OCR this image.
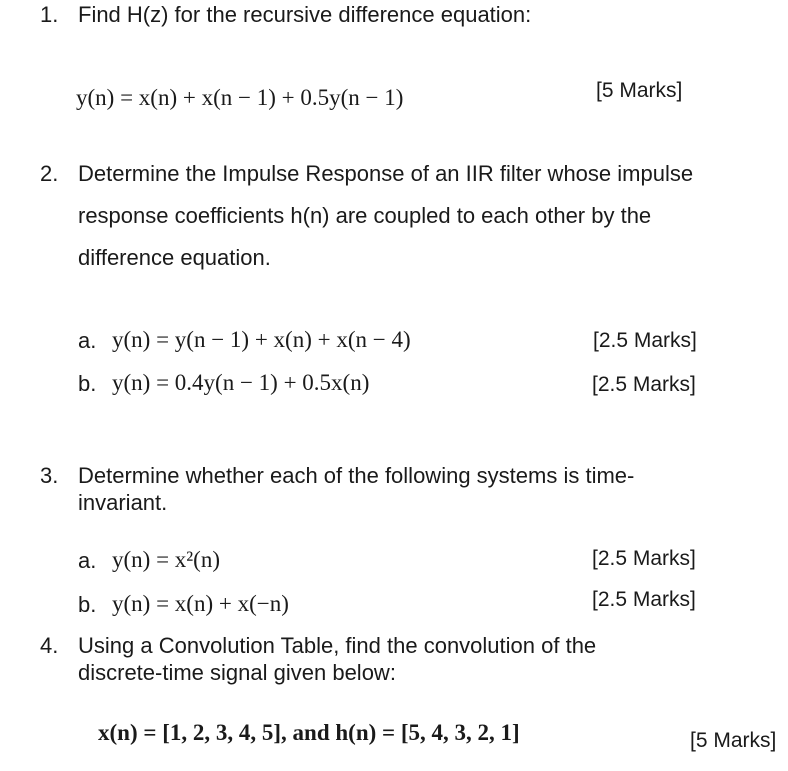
1. Find H(z) for the recursive difference equation:
y(n) = x(n) + x(n − 1) + 0.5y(n − 1)	[5 Marks]
2. Determine the Impulse Response of an IIR filter whose impulse
response coefficients h(n) are coupled to each other by the
difference equation.
a. y(n) = y(n − 1) + x(n) + x(n − 4)	[2.5 Marks]
b. y(n) = 0.4y(n − 1) + 0.5x(n)	[2.5 Marks]
3. Determine whether each of the following systems is time-
invariant.
a. y(n) = x²(n)	[2.5 Marks]
b. y(n) = x(n) + x(−n)	[2.5 Marks]
4. Using a Convolution Table, find the convolution of the
discrete-time signal given below:
x(n) = [1, 2, 3, 4, 5], and h(n) = [5, 4, 3, 2, 1]	[5 Marks]
